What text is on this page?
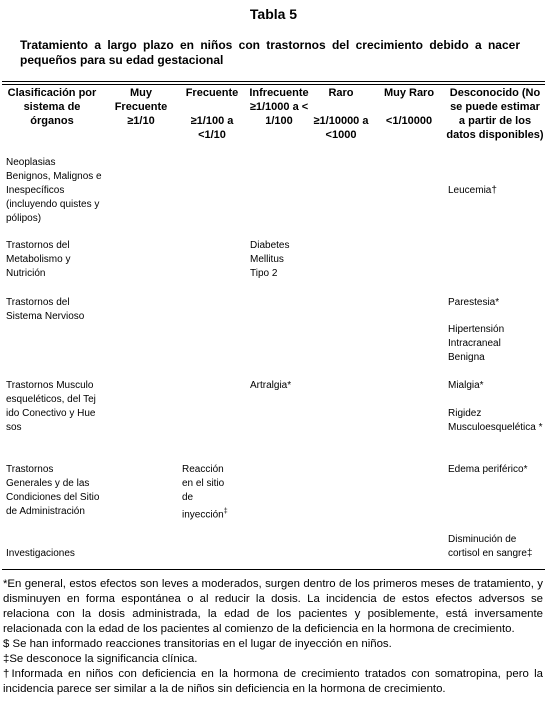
Tabla 5
Tratamiento a largo plazo en niños con trastornos del crecimiento debido a nacer pequeños para su edad gestacional
Clasificación por sistema de órganos
Muy Frecuente
≥1/10
Frecuente
≥1/100 a <1/10
Infrecuente
≥1/1000 a <1/100
Raro
≥1/10000 a <1000
Muy Raro
<1/10000
Desconocido (No se puede estimar a partir de los datos disponibles)
Neoplasias Benignos, Malignos e Inespecíficos (incluyendo quistes y pólipos)
Leucemia†
Trastornos del Metabolismo y Nutrición
Diabetes Mellitus Tipo 2
Trastornos del Sistema Nervioso
Parestesia*
Hipertensión Intracraneal Benigna
Trastornos Musculoesqueléticos, del Tejido Conectivo y Huesos
Artralgia*	Mialgia*
Rigidez Musculoesquelética *
Trastornos Generales y de las Condiciones del Sitio de Administración
Reacción en el sitio de inyección‡
Edema periférico*
Investigaciones
Disminución de cortisol en sangre‡
*En general, estos efectos son leves a moderados, surgen dentro de los primeros meses de tratamiento, y disminuyen en forma espontánea o al reducir la dosis. La incidencia de estos efectos adversos se relaciona con la dosis administrada, la edad de los pacientes y posiblemente, está inversamente relacionada con la edad de los pacientes al comienzo de la deficiencia en la hormona de crecimiento.
$ Se han informado reacciones transitorias en el lugar de inyección en niños.
‡Se desconoce la significancia clínica.
†Informada en niños con deficiencia en la hormona de crecimiento tratados con somatropina, pero la incidencia parece ser similar a la de niños sin deficiencia en la hormona de crecimiento.
